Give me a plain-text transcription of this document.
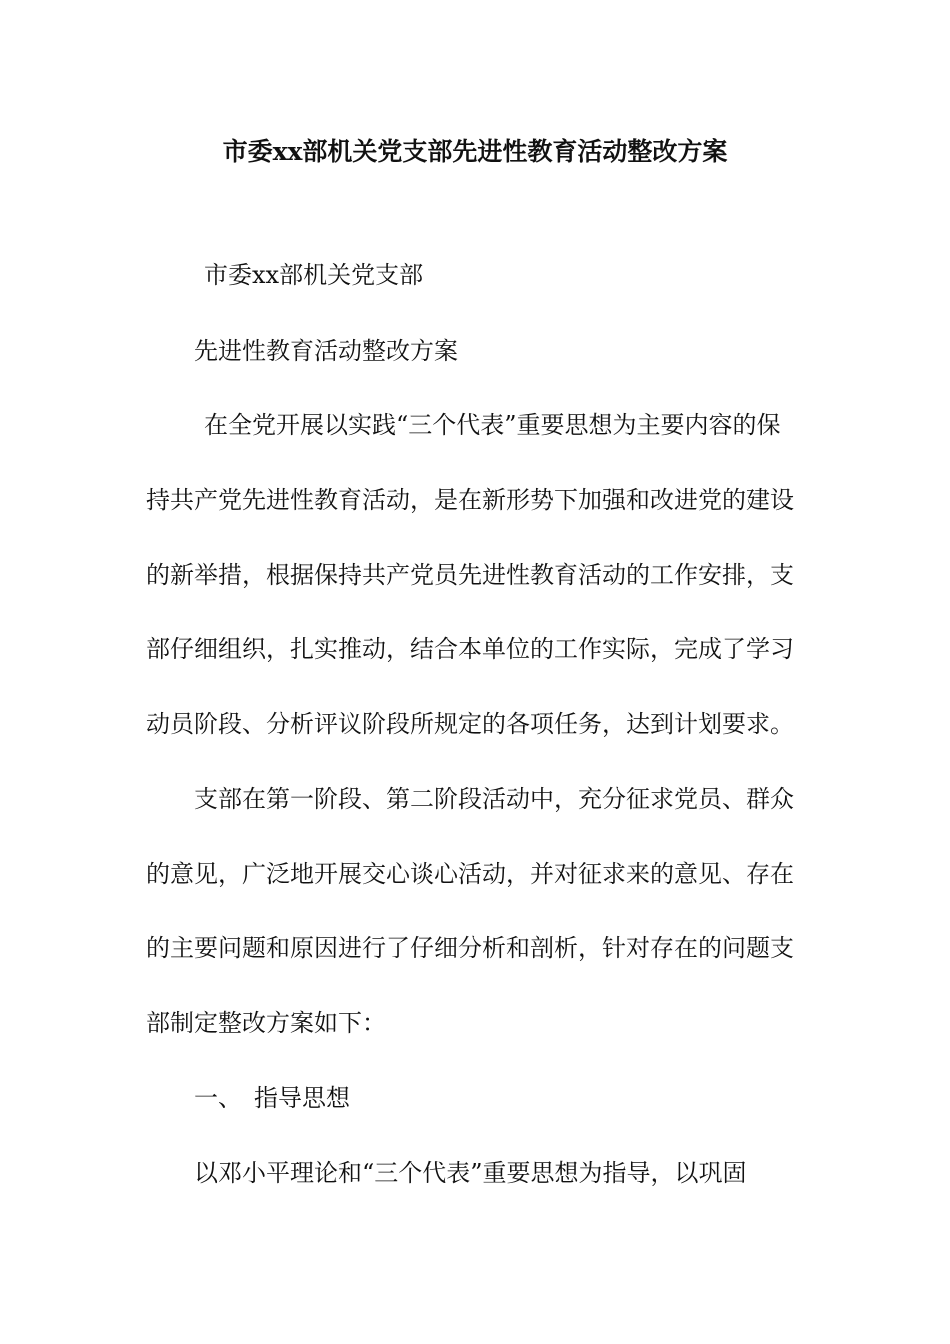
市委xx部机关党支部先进性教育活动整改方案
市委xx部机关党支部
先进性教育活动整改方案
在全党开展以实践“三个代表”重要思想为主要内容的保
持共产党先进性教育活动，是在新形势下加强和改进党的建设
的新举措，根据保持共产党员先进性教育活动的工作安排，支
部仔细组织，扎实推动，结合本单位的工作实际，完成了学习
动员阶段、分析评议阶段所规定的各项任务，达到计划要求。
支部在第一阶段、第二阶段活动中，充分征求党员、群众
的意见，广泛地开展交心谈心活动，并对征求来的意见、存在
的主要问题和原因进行了仔细分析和剖析，针对存在的问题支
部制定整改方案如下：
一、 指导思想
以邓小平理论和“三个代表”重要思想为指导，以巩固
